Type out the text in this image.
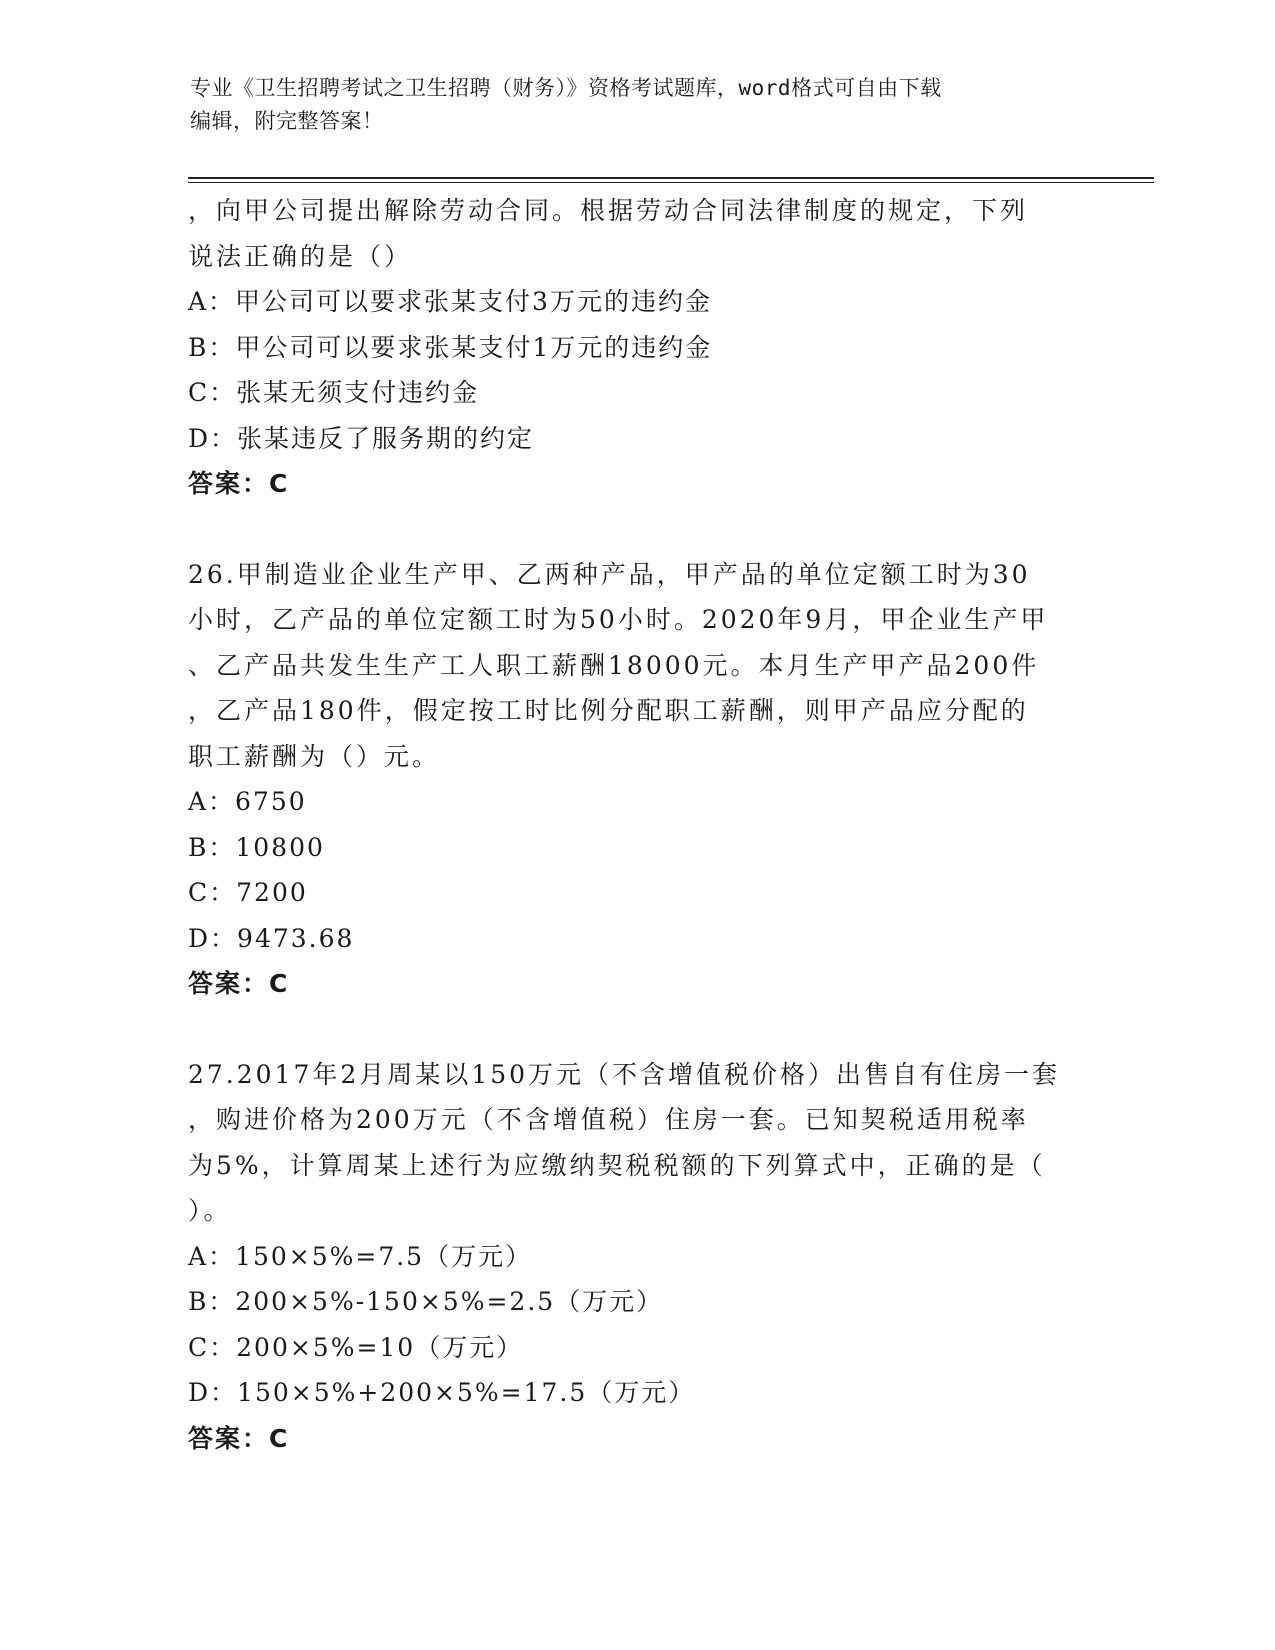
专业《卫生招聘考试之卫生招聘（财务）》资格考试题库，word格式可自由下载
编辑，附完整答案！
，向甲公司提出解除劳动合同。根据劳动合同法律制度的规定，下列
说法正确的是（）
A：甲公司可以要求张某支付3万元的违约金
B：甲公司可以要求张某支付1万元的违约金
C：张某无须支付违约金
D：张某违反了服务期的约定
答案：C
26.甲制造业企业生产甲、乙两种产品，甲产品的单位定额工时为30
小时，乙产品的单位定额工时为50小时。2020年9月，甲企业生产甲
、乙产品共发生生产工人职工薪酬18000元。本月生产甲产品200件
，乙产品180件，假定按工时比例分配职工薪酬，则甲产品应分配的
职工薪酬为（）元。
A：6750
B：10800
C：7200
D：9473.68
答案：C
27.2017年2月周某以150万元（不含增值税价格）出售自有住房一套
，购进价格为200万元（不含增值税）住房一套。已知契税适用税率
为5%，计算周某上述行为应缴纳契税税额的下列算式中，正确的是（
）。
A：150×5%=7.5（万元）
B：200×5%-150×5%=2.5（万元）
C：200×5%=10（万元）
D：150×5%+200×5%=17.5（万元）
答案：C
